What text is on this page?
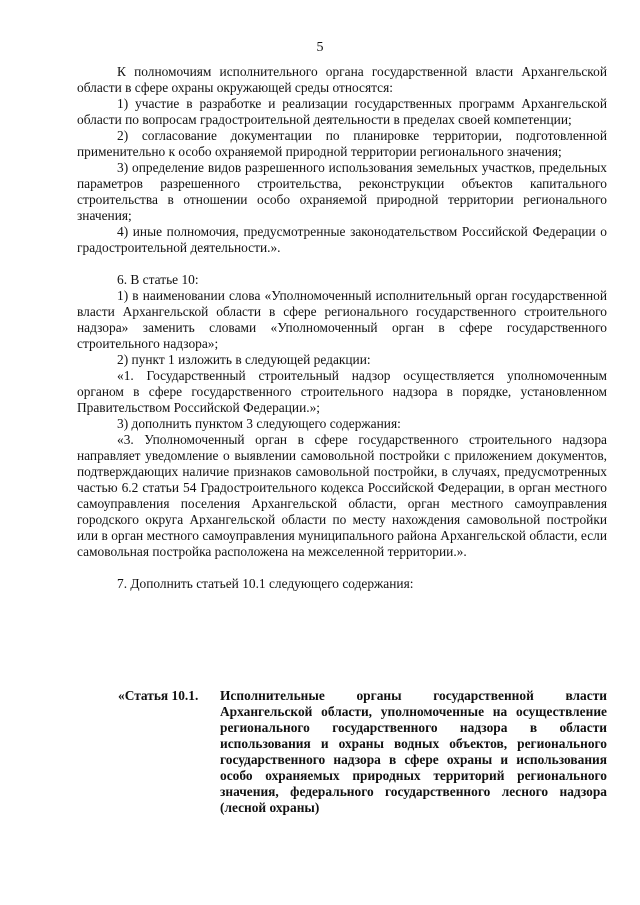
5

К полномочиям исполнительного органа государственной власти Архангельской области в сфере охраны окружающей среды относятся:

1) участие в разработке и реализации государственных программ Архангельской области по вопросам градостроительной деятельности в пределах своей компетенции;

2) согласование документации по планировке территории, подготовленной применительно к особо охраняемой природной территории регионального значения;

3) определение видов разрешенного использования земельных участков, предельных параметров разрешенного строительства, реконструкции объектов капитального строительства в отношении особо охраняемой природной территории регионального значения;

4) иные полномочия, предусмотренные законодательством Российской Федерации о градостроительной деятельности.».

6. В статье 10:

1) в наименовании слова «Уполномоченный исполнительный орган государственной власти Архангельской области в сфере регионального государственного строительного надзора» заменить словами «Уполномоченный орган в сфере государственного строительного надзора»;

2) пункт 1 изложить в следующей редакции:

«1. Государственный строительный надзор осуществляется уполномоченным органом в сфере государственного строительного надзора в порядке, установленном Правительством Российской Федерации.»;

3) дополнить пунктом 3 следующего содержания:

«3. Уполномоченный орган в сфере государственного строительного надзора направляет уведомление о выявлении самовольной постройки с приложением документов, подтверждающих наличие признаков самовольной постройки, в случаях, предусмотренных частью 6.2 статьи 54 Градостроительного кодекса Российской Федерации, в орган местного самоуправления поселения Архангельской области, орган местного самоуправления городского округа Архангельской области по месту нахождения самовольной постройки или в орган местного самоуправления муниципального района Архангельской области, если самовольная постройка расположена на межселенной территории.».

7. Дополнить статьей 10.1 следующего содержания:

«Статья 10.1. Исполнительные органы государственной власти Архангельской области, уполномоченные на осуществление регионального государственного надзора в области использования и охраны водных объектов, регионального государственного надзора в сфере охраны и использования особо охраняемых природных территорий регионального значения, федерального государственного лесного надзора (лесной охраны)
